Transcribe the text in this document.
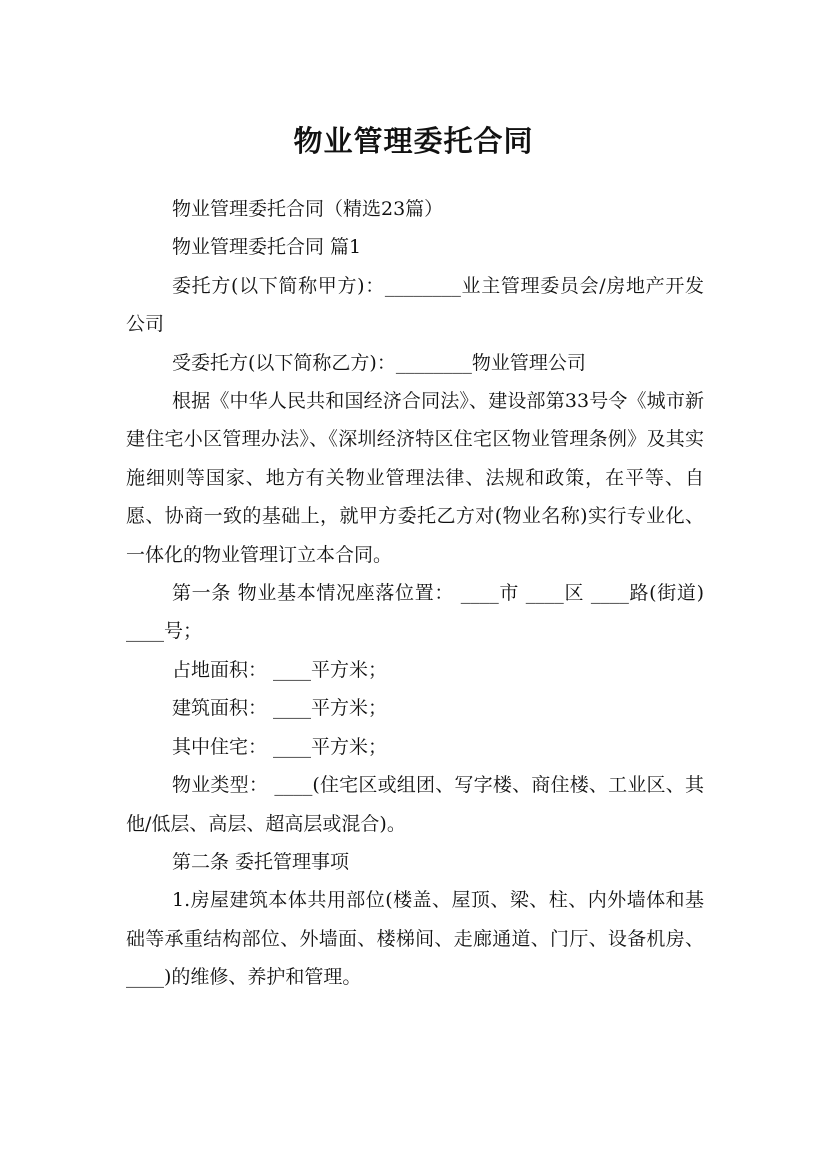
物业管理委托合同

物业管理委托合同（精选23篇）

物业管理委托合同 篇1

委托方(以下简称甲方)：________业主管理委员会/房地产开发公司

受委托方(以下简称乙方)：________物业管理公司

根据《中华人民共和国经济合同法》、建设部第33号令《城市新建住宅小区管理办法》、《深圳经济特区住宅区物业管理条例》及其实施细则等国家、地方有关物业管理法律、法规和政策，在平等、自愿、协商一致的基础上，就甲方委托乙方对(物业名称)实行专业化、一体化的物业管理订立本合同。

第一条 物业基本情况座落位置： ____市 ____区 ____路(街道) ____号；

占地面积： ____平方米；

建筑面积： ____平方米；

其中住宅： ____平方米；

物业类型： ____(住宅区或组团、写字楼、商住楼、工业区、其他/低层、高层、超高层或混合)。

第二条 委托管理事项

1.房屋建筑本体共用部位(楼盖、屋顶、梁、柱、内外墙体和基础等承重结构部位、外墙面、楼梯间、走廊通道、门厅、设备机房、____)的维修、养护和管理。
